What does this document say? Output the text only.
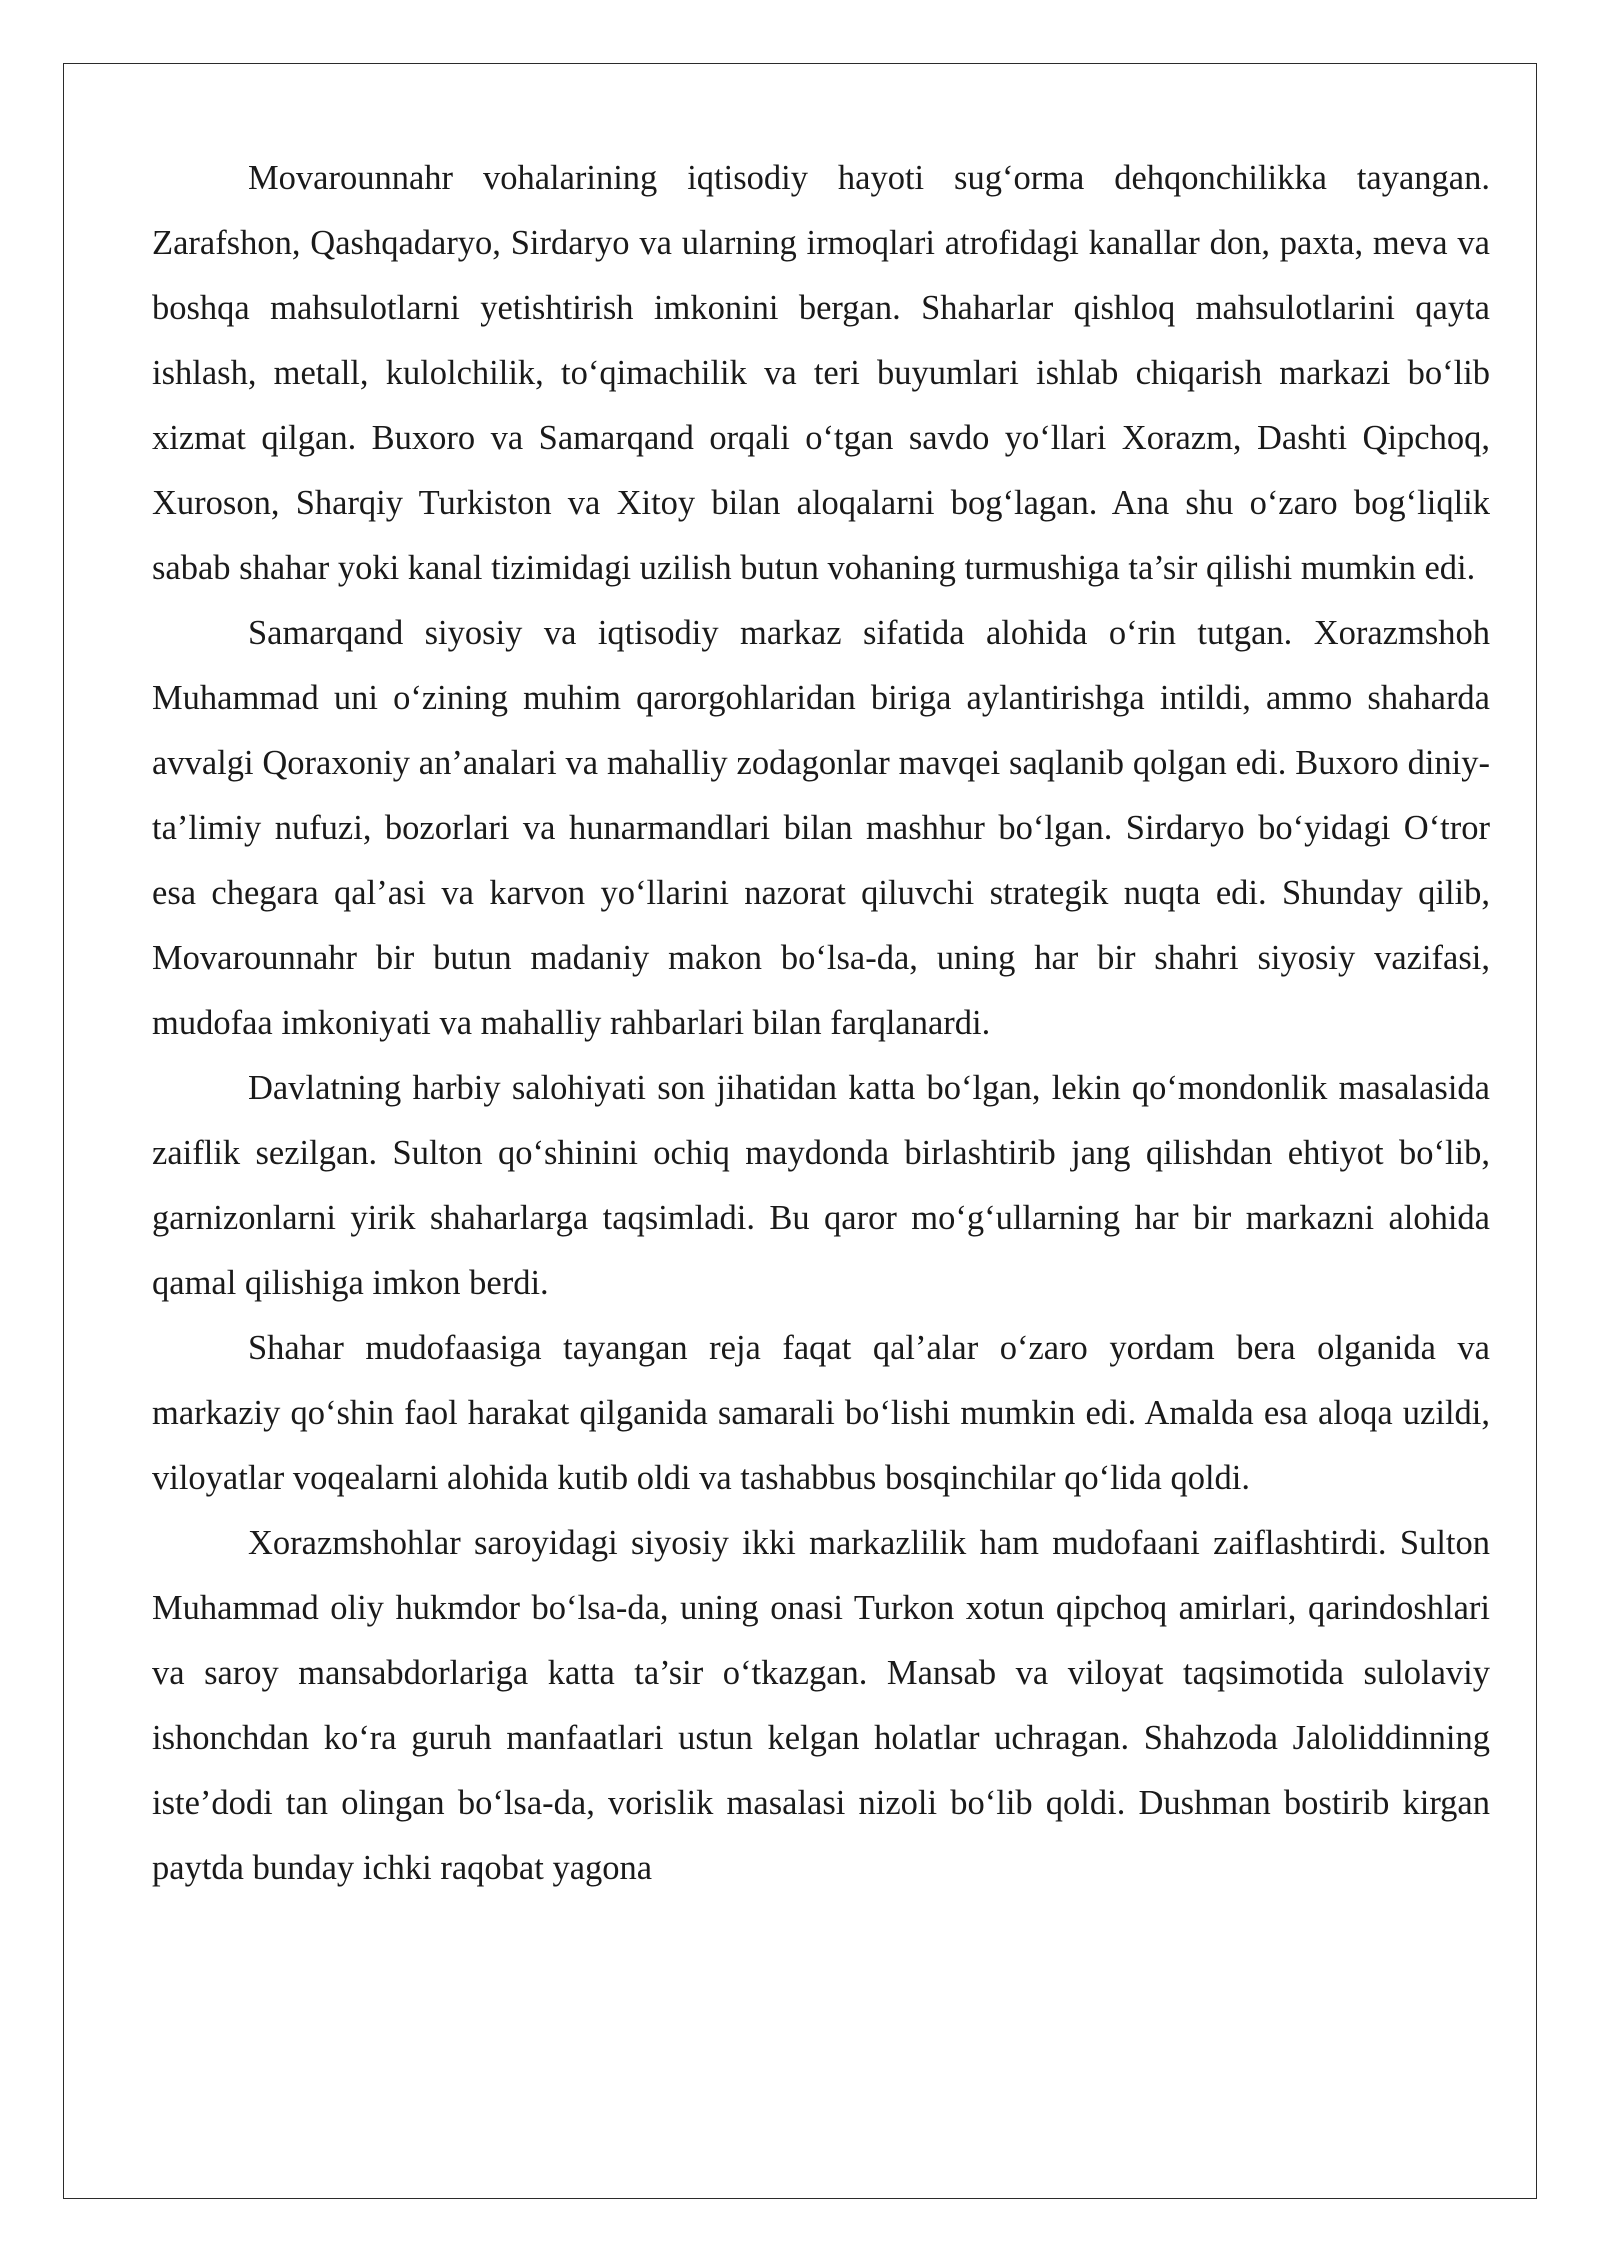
Movarounnahr vohalarining iqtisodiy hayoti sug‘orma dehqonchilikka tayangan. Zarafshon, Qashqadaryo, Sirdaryo va ularning irmoqlari atrofidagi kanallar don, paxta, meva va boshqa mahsulotlarni yetishtirish imkonini bergan. Shaharlar qishloq mahsulotlarini qayta ishlash, metall, kulolchilik, to‘qimachilik va teri buyumlari ishlab chiqarish markazi bo‘lib xizmat qilgan. Buxoro va Samarqand orqali o‘tgan savdo yo‘llari Xorazm, Dashti Qipchoq, Xuroson, Sharqiy Turkiston va Xitoy bilan aloqalarni bog‘lagan. Ana shu o‘zaro bog‘liqlik sabab shahar yoki kanal tizimidagi uzilish butun vohaning turmushiga ta’sir qilishi mumkin edi.

Samarqand siyosiy va iqtisodiy markaz sifatida alohida o‘rin tutgan. Xorazmshoh Muhammad uni o‘zining muhim qarorgohlaridan biriga aylantirishga intildi, ammo shaharda avvalgi Qoraxoniy an’analari va mahalliy zodagonlar mavqei saqlanib qolgan edi. Buxoro diniy-ta’limiy nufuzi, bozorlari va hunarmandlari bilan mashhur bo‘lgan. Sirdaryo bo‘yidagi O‘tror esa chegara qal’asi va karvon yo‘llarini nazorat qiluvchi strategik nuqta edi. Shunday qilib, Movarounnahr bir butun madaniy makon bo‘lsa-da, uning har bir shahri siyosiy vazifasi, mudofaa imkoniyati va mahalliy rahbarlari bilan farqlanardi.

Davlatning harbiy salohiyati son jihatidan katta bo‘lgan, lekin qo‘mondonlik masalasida zaiflik sezilgan. Sulton qo‘shinini ochiq maydonda birlashtirib jang qilishdan ehtiyot bo‘lib, garnizonlarni yirik shaharlarga taqsimladi. Bu qaror mo‘g‘ullarning har bir markazni alohida qamal qilishiga imkon berdi.

Shahar mudofaasiga tayangan reja faqat qal’alar o‘zaro yordam bera olganida va markaziy qo‘shin faol harakat qilganida samarali bo‘lishi mumkin edi. Amalda esa aloqa uzildi, viloyatlar voqealarni alohida kutib oldi va tashabbus bosqinchilar qo‘lida qoldi.

Xorazmshohlar saroyidagi siyosiy ikki markazlilik ham mudofaani zaiflashtirdi. Sulton Muhammad oliy hukmdor bo‘lsa-da, uning onasi Turkon xotun qipchoq amirlari, qarindoshlari va saroy mansabdorlariga katta ta’sir o‘tkazgan. Mansab va viloyat taqsimotida sulolaviy ishonchdan ko‘ra guruh manfaatlari ustun kelgan holatlar uchragan. Shahzoda Jaloliddinning iste’dodi tan olingan bo‘lsa-da, vorislik masalasi nizoli bo‘lib qoldi. Dushman bostirib kirgan paytda bunday ichki raqobat yagona
